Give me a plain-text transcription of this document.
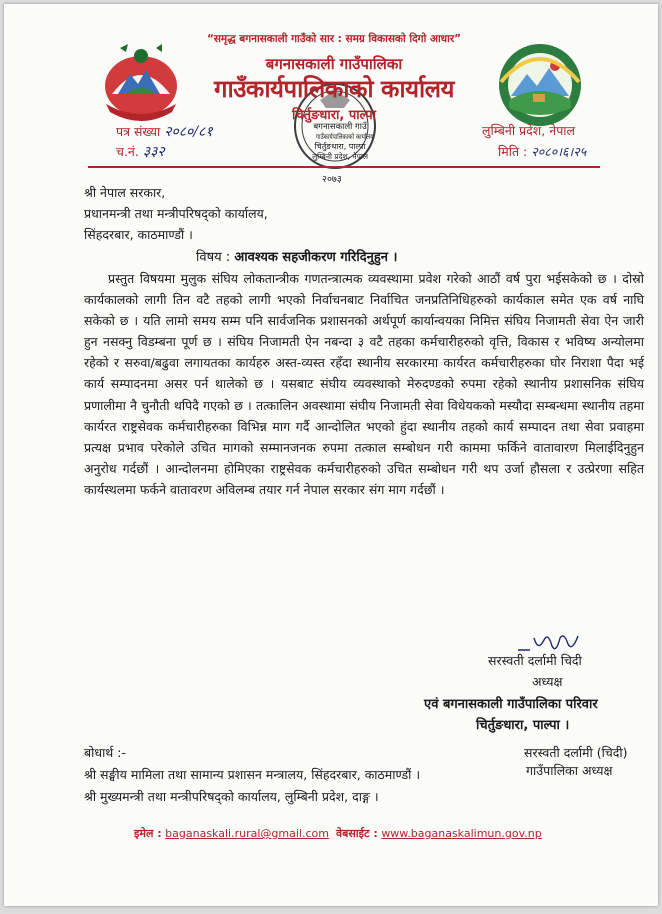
“समृद्ध बगनासकाली गाउँको सार : समग्र विकासको दिगो आधार”
बगनासकाली गाउँपालिका
गाउँकार्यपालिकाको कार्यालय
चिर्तुङधारा, पाल्पा
बगनासकाली गाउँ
गाउँकार्यपालिकाको कार्यालय
चिर्तुङधारा, पाल्पा
लुम्बिनी प्रदेश, नेपाल
२०७३
पत्र संख्या २०८०/८१
च.नं. ३३२
लुम्बिनी प्रदेश, नेपाल
मिति : २०८०।६।२५
श्री नेपाल सरकार,
प्रधानमन्त्री तथा मन्त्रीपरिषद्को कार्यालय,
सिंहदरबार, काठमाण्डौं ।
विषय : आवश्यक सहजीकरण गरिदिनुहुन ।
प्रस्तुत विषयमा मुलुक संघिय लोकतान्त्रीक गणतन्त्रात्मक व्यवस्थामा प्रवेश गरेको आठौं वर्ष पुरा भईसकेको छ । दोस्रो कार्यकालको लागी तिन वटै तहको लागी भएको निर्वाचनबाट निर्वाचित जनप्रतिनिधिहरुको कार्यकाल समेत एक वर्ष नाघि सकेको छ । यति लामो समय सम्म पनि सार्वजनिक प्रशासनको अर्थपूर्ण कार्यान्वयका निमित्त संघिय निजामती सेवा ऐन जारी हुन नसक्नु विडम्बना पूर्ण छ । संघिय निजामती ऐन नबन्दा ३ वटै तहका कर्मचारीहरुको वृत्ति, विकास र भविष्य अन्योलमा रहेको र सरुवा/बढुवा लगायतका कार्यहरु अस्त-व्यस्त रहँदा स्थानीय सरकारमा कार्यरत कर्मचारीहरुका घोर निराशा पैदा भई कार्य सम्पादनमा असर पर्न थालेको छ । यसबाट संघीय व्यवस्थाको मेरुदण्डको रुपमा रहेको स्थानीय प्रशासनिक संघिय प्रणालीमा नै चुनौती थपिदै गएको छ । तत्कालिन अवस्थामा संघीय निजामती सेवा विधेयकको मस्यौदा सम्बन्धमा स्थानीय तहमा कार्यरत राष्ट्रसेवक कर्मचारीहरुका विभिन्न माग गर्दै आन्दोलित भएको हुंदा स्थानीय तहको कार्य सम्पादन तथा सेवा प्रवाहमा प्रत्यक्ष प्रभाव परेकोले उचित मागको सम्मानजनक रुपमा तत्काल सम्बोधन गरी काममा फर्किने वातावारण मिलाईदिनुहुन अनुरोध गर्दछौं । आन्दोलनमा होमिएका राष्ट्रसेवक कर्मचारीहरुको उचित सम्बोधन गरी थप उर्जा हौसला र उत्प्रेरणा सहित कार्यस्थलमा फर्कने वातावरण अविलम्ब तयार गर्न नेपाल सरकार संग माग गर्दछौं ।
सरस्वती दर्लामी चिदी
अध्यक्ष
एवं बगनासकाली गाउँपालिका परिवार
चिर्तुङधारा, पाल्पा ।
सरस्वती दर्लामी (चिदी)
गाउँपालिका अध्यक्ष
बोधार्थ :-
श्री सङ्घीय मामिला तथा सामान्य प्रशासन मन्त्रालय, सिंहदरबार, काठमाण्डौं ।
श्री मुख्यमन्त्री तथा मन्त्रीपरिषद्को कार्यालय, लुम्बिनी प्रदेश, दाङ्ग ।
इमेल : baganaskali.rural@gmail.com वेबसाईट : www.baganaskalimun.gov.np
